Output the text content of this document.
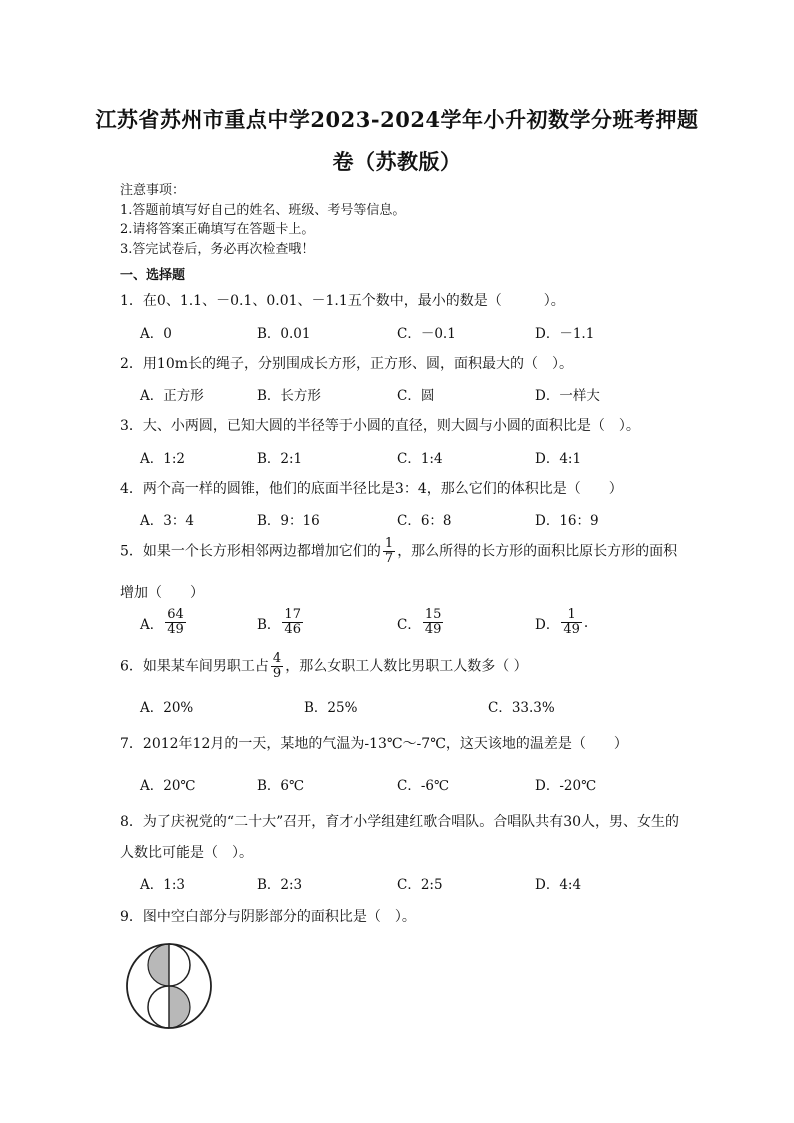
江苏省苏州市重点中学2023-2024学年小升初数学分班考押题
卷（苏教版）
注意事项：
1.答题前填写好自己的姓名、班级、考号等信息。
2.请将答案正确填写在答题卡上。
3.答完试卷后，务必再次检查哦！
一、选择题
1．在0、1.1、－0.1、0.01、－1.1五个数中，最小的数是（　　　）。
A．0	B．0.01	C．－0.1	D．－1.1
2．用10m长的绳子，分别围成长方形，正方形、圆，面积最大的（　）。
A．正方形	B．长方形	C．圆	D．一样大
3．大、小两圆，已知大圆的半径等于小圆的直径，则大圆与小圆的面积比是（　）。
A．1:2	B．2:1	C．1:4	D．4:1
4．两个高一样的圆锥，他们的底面半径比是3：4，那么它们的体积比是（　　）
A．3：4	B．9：16	C．6：8	D．16：9
5．如果一个长方形相邻两边都增加它们的 $\frac{1}{7}$ ，那么所得的长方形的面积比原长方形的面积
增加（　　）
A． $\frac{64}{49}$	B． $\frac{17}{46}$	C． $\frac{15}{49}$	D． $\frac{1}{49}$ .
6．如果某车间男职工占 $\frac{4}{9}$ ，那么女职工人数比男职工人数多（ ）
A．20%	B．25%	C．33.3%
7．2012年12月的一天，某地的气温为-13℃～-7℃，这天该地的温差是（　　）
A．20℃	B．6℃	C．-6℃	D．-20℃
8．为了庆祝党的“二十大”召开，育才小学组建红歌合唱队。合唱队共有30人，男、女生的
人数比可能是（　）。
A．1:3	B．2:3	C．2:5	D．4:4
9．图中空白部分与阴影部分的面积比是（　）。
